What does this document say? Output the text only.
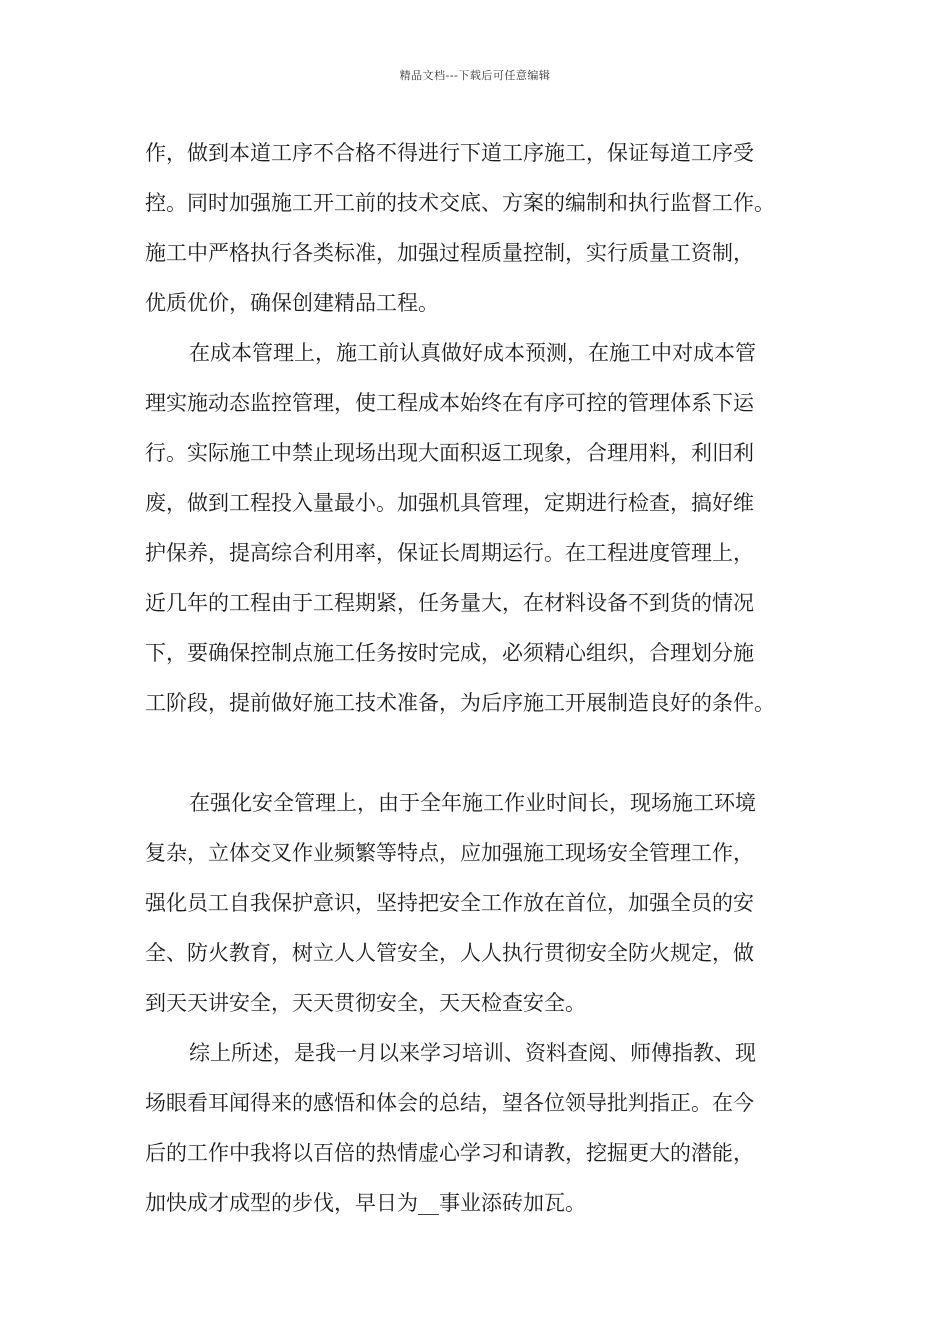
精品文档---下载后可任意编辑
作，做到本道工序不合格不得进行下道工序施工，保证每道工序受
控。同时加强施工开工前的技术交底、方案的编制和执行监督工作。
施工中严格执行各类标准，加强过程质量控制，实行质量工资制，
优质优价，确保创建精品工程。
在成本管理上，施工前认真做好成本预测，在施工中对成本管
理实施动态监控管理，使工程成本始终在有序可控的管理体系下运
行。实际施工中禁止现场出现大面积返工现象，合理用料，利旧利
废，做到工程投入量最小。加强机具管理，定期进行检查，搞好维
护保养，提高综合利用率，保证长周期运行。在工程进度管理上，
近几年的工程由于工程期紧，任务量大，在材料设备不到货的情况
下，要确保控制点施工任务按时完成，必须精心组织，合理划分施
工阶段，提前做好施工技术准备，为后序施工开展制造良好的条件。
在强化安全管理上，由于全年施工作业时间长，现场施工环境
复杂，立体交叉作业频繁等特点，应加强施工现场安全管理工作，
强化员工自我保护意识，坚持把安全工作放在首位，加强全员的安
全、防火教育，树立人人管安全，人人执行贯彻安全防火规定，做
到天天讲安全，天天贯彻安全，天天检查安全。
综上所述，是我一月以来学习培训、资料查阅、师傅指教、现
场眼看耳闻得来的感悟和体会的总结，望各位领导批判指正。在今
后的工作中我将以百倍的热情虚心学习和请教，挖掘更大的潜能，
加快成才成型的步伐，早日为__事业添砖加瓦。
